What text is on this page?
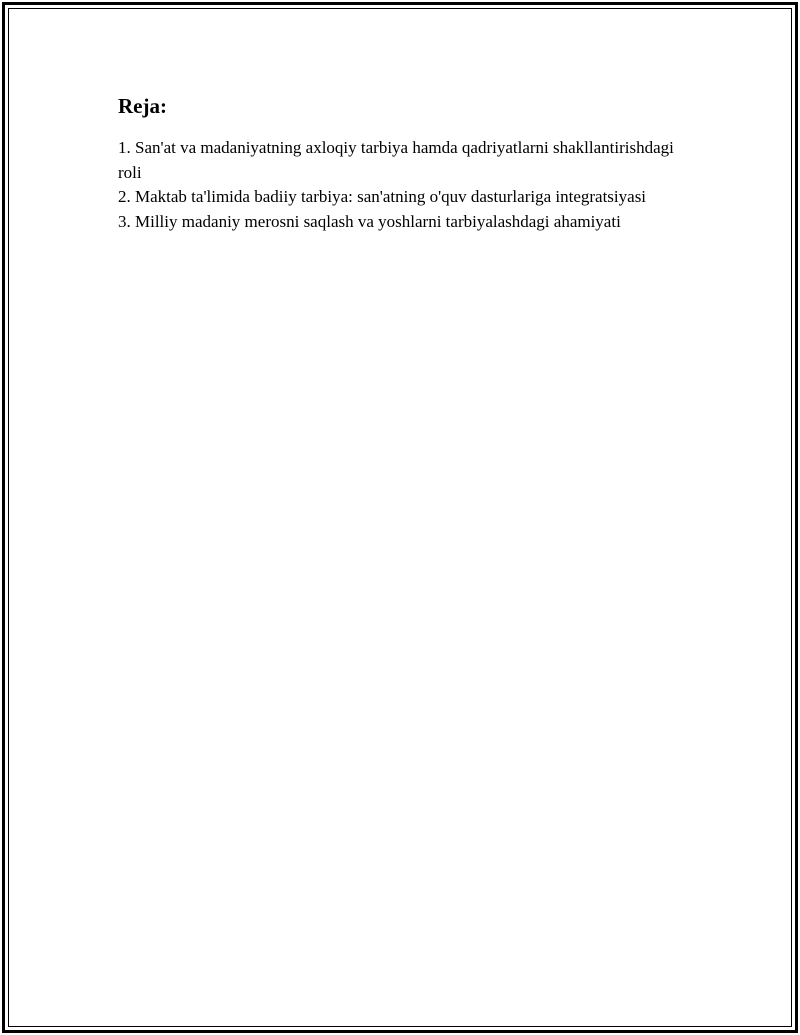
Reja:
1. San'at va madaniyatning axloqiy tarbiya hamda qadriyatlarni shakllantirishdagi roli
2. Maktab ta'limida badiiy tarbiya: san'atning o'quv dasturlariga integratsiyasi
3. Milliy madaniy merosni saqlash va yoshlarni tarbiyalashdagi ahamiyati
